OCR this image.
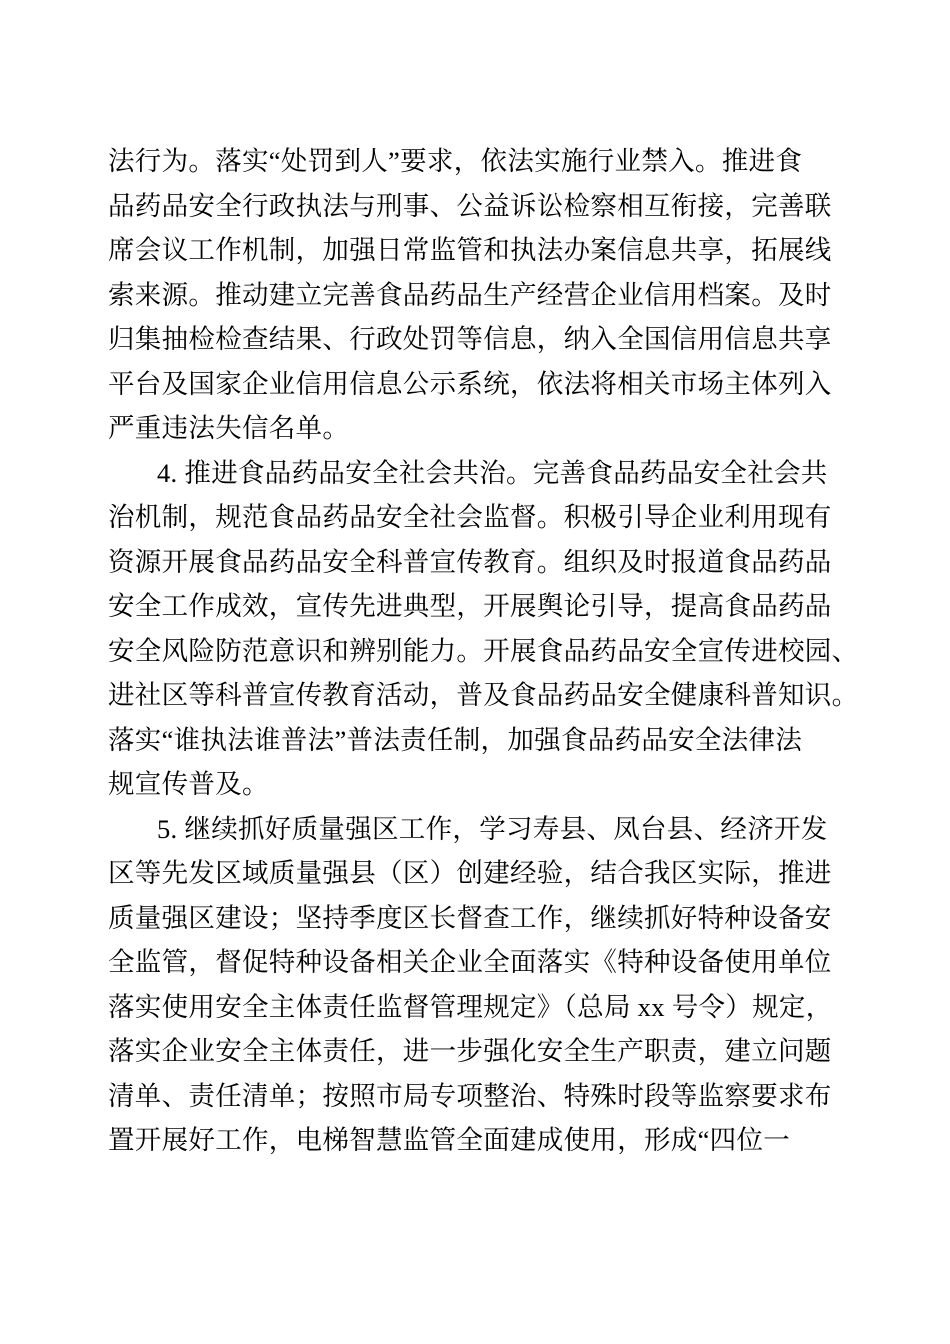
法行为。落实“处罚到人”要求，依法实施行业禁入。推进食
品药品安全行政执法与刑事、公益诉讼检察相互衔接，完善联
席会议工作机制，加强日常监管和执法办案信息共享，拓展线
索来源。推动建立完善食品药品生产经营企业信用档案。及时
归集抽检检查结果、行政处罚等信息，纳入全国信用信息共享
平台及国家企业信用信息公示系统，依法将相关市场主体列入
严重违法失信名单。
4. 推进食品药品安全社会共治。完善食品药品安全社会共
治机制，规范食品药品安全社会监督。积极引导企业利用现有
资源开展食品药品安全科普宣传教育。组织及时报道食品药品
安全工作成效，宣传先进典型，开展舆论引导，提高食品药品
安全风险防范意识和辨别能力。开展食品药品安全宣传进校园、
进社区等科普宣传教育活动，普及食品药品安全健康科普知识。
落实“谁执法谁普法”普法责任制，加强食品药品安全法律法
规宣传普及。
5. 继续抓好质量强区工作，学习寿县、凤台县、经济开发
区等先发区域质量强县（区）创建经验，结合我区实际，推进
质量强区建设；坚持季度区长督查工作，继续抓好特种设备安
全监管，督促特种设备相关企业全面落实《特种设备使用单位
落实使用安全主体责任监督管理规定》（总局 xx 号令）规定，
落实企业安全主体责任，进一步强化安全生产职责，建立问题
清单、责任清单；按照市局专项整治、特殊时段等监察要求布
置开展好工作，电梯智慧监管全面建成使用，形成“四位一
